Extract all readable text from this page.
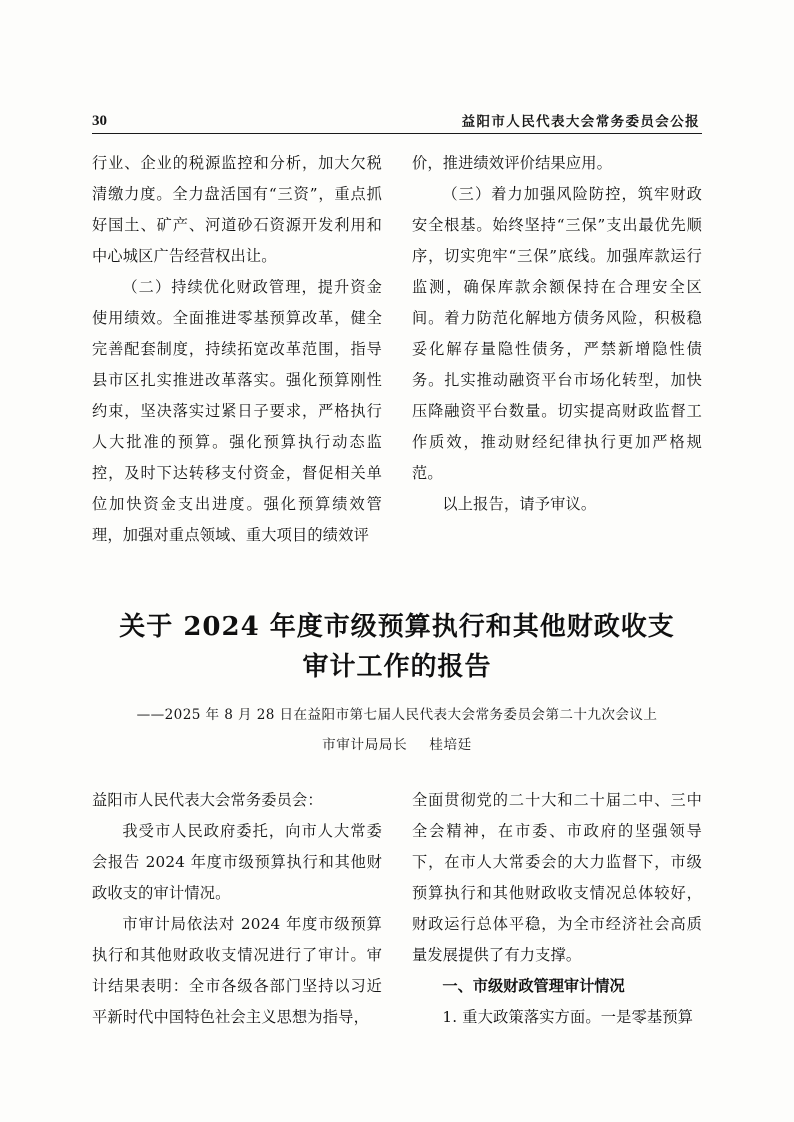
30	益阳市人民代表大会常务委员会公报

行业、企业的税源监控和分析，加大欠税清缴力度。全力盘活国有“三资”，重点抓好国土、矿产、河道砂石资源开发利用和中心城区广告经营权出让。

（二）持续优化财政管理，提升资金使用绩效。全面推进零基预算改革，健全完善配套制度，持续拓宽改革范围，指导县市区扎实推进改革落实。强化预算刚性约束，坚决落实过紧日子要求，严格执行人大批准的预算。强化预算执行动态监控，及时下达转移支付资金，督促相关单位加快资金支出进度。强化预算绩效管理，加强对重点领域、重大项目的绩效评

价，推进绩效评价结果应用。

（三）着力加强风险防控，筑牢财政安全根基。始终坚持“三保”支出最优先顺序，切实兜牢“三保”底线。加强库款运行监测，确保库款余额保持在合理安全区间。着力防范化解地方债务风险，积极稳妥化解存量隐性债务，严禁新增隐性债务。扎实推动融资平台市场化转型，加快压降融资平台数量。切实提高财政监督工作质效，推动财经纪律执行更加严格规范。

以上报告，请予审议。

关于 2024 年度市级预算执行和其他财政收支审计工作的报告
——2025 年 8 月 28 日在益阳市第七届人民代表大会常务委员会第二十九次会议上
市审计局局长 桂培廷

益阳市人民代表大会常务委员会：

我受市人民政府委托，向市人大常委会报告 2024 年度市级预算执行和其他财政收支的审计情况。

市审计局依法对 2024 年度市级预算执行和其他财政收支情况进行了审计。审计结果表明：全市各级各部门坚持以习近平新时代中国特色社会主义思想为指导，

全面贯彻党的二十大和二十届二中、三中全会精神，在市委、市政府的坚强领导下，在市人大常委会的大力监督下，市级预算执行和其他财政收支情况总体较好，财政运行总体平稳，为全市经济社会高质量发展提供了有力支撑。

一、市级财政管理审计情况

1. 重大政策落实方面。一是零基预算
